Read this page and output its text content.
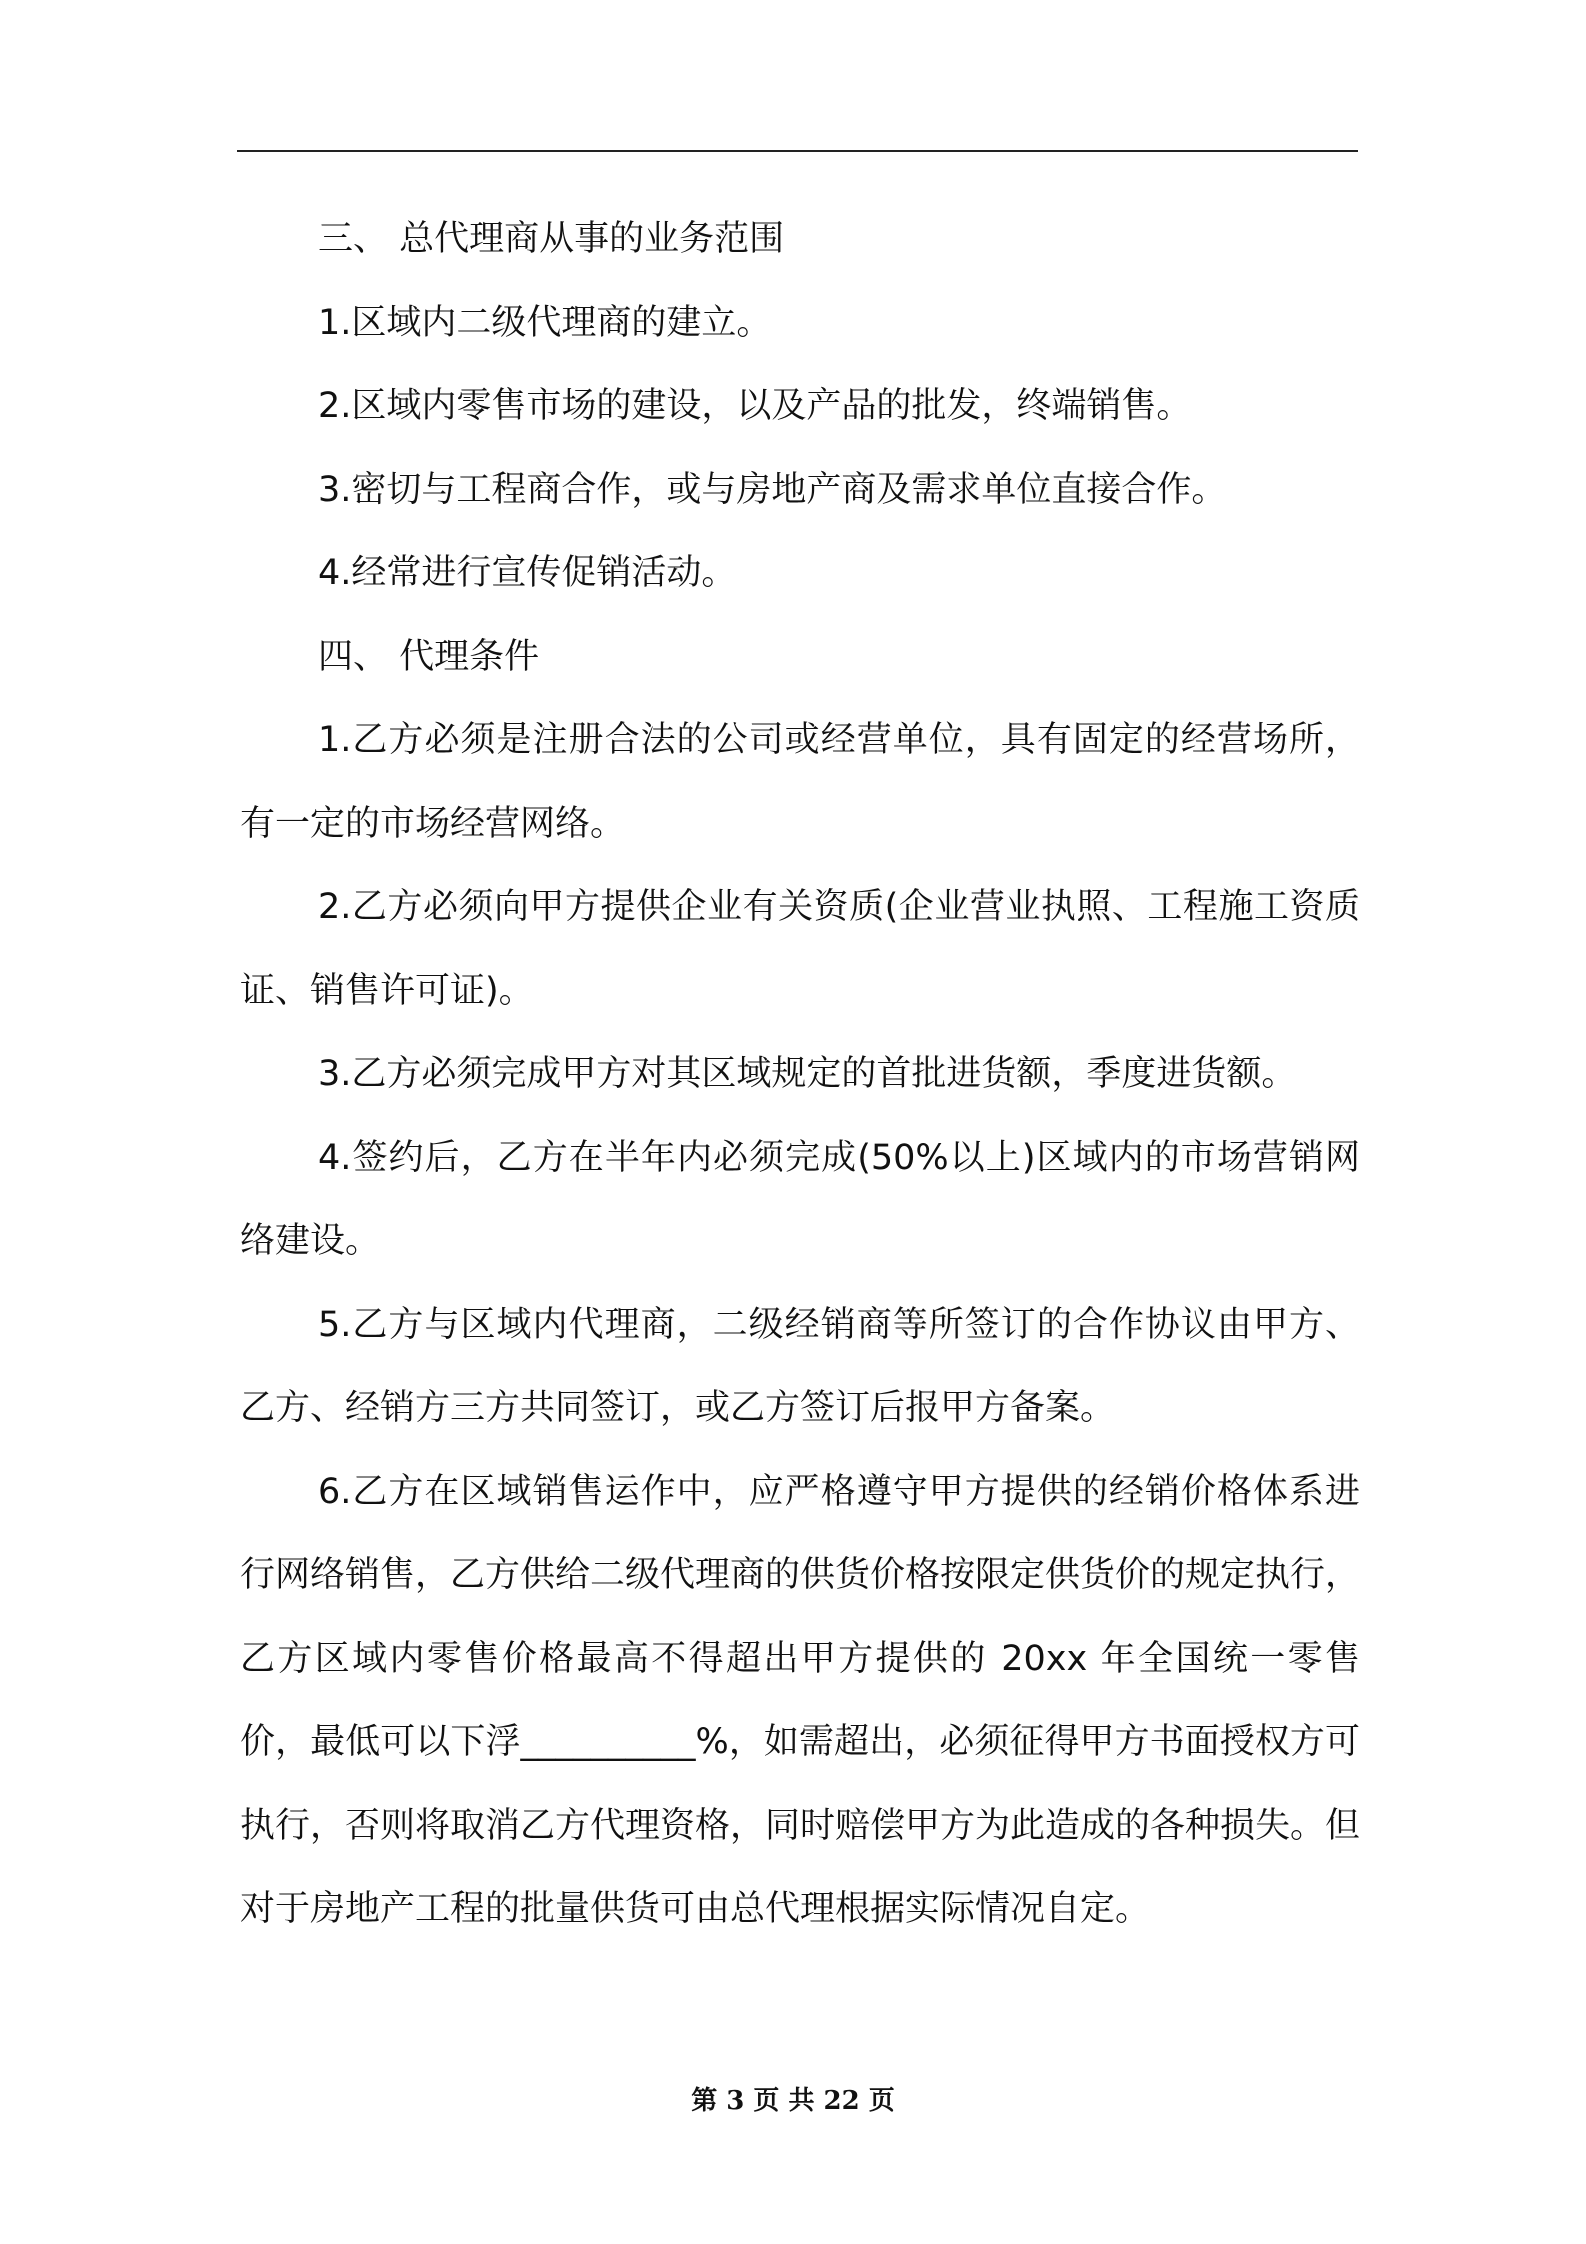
三、 总代理商从事的业务范围

1.区域内二级代理商的建立。

2.区域内零售市场的建设，以及产品的批发，终端销售。

3.密切与工程商合作，或与房地产商及需求单位直接合作。

4.经常进行宣传促销活动。

四、 代理条件

1.乙方必须是注册合法的公司或经营单位，具有固定的经营场所，有一定的市场经营网络。

2.乙方必须向甲方提供企业有关资质(企业营业执照、工程施工资质证、销售许可证)。

3.乙方必须完成甲方对其区域规定的首批进货额，季度进货额。

4.签约后，乙方在半年内必须完成(50%以上)区域内的市场营销网络建设。

5.乙方与区域内代理商，二级经销商等所签订的合作协议由甲方、乙方、经销方三方共同签订，或乙方签订后报甲方备案。

6.乙方在区域销售运作中，应严格遵守甲方提供的经销价格体系进行网络销售，乙方供给二级代理商的供货价格按限定供货价的规定执行，乙方区域内零售价格最高不得超出甲方提供的 20xx 年全国统一零售价，最低可以下浮__________%，如需超出，必须征得甲方书面授权方可执行，否则将取消乙方代理资格，同时赔偿甲方为此造成的各种损失。但对于房地产工程的批量供货可由总代理根据实际情况自定。

第 3 页 共 22 页
